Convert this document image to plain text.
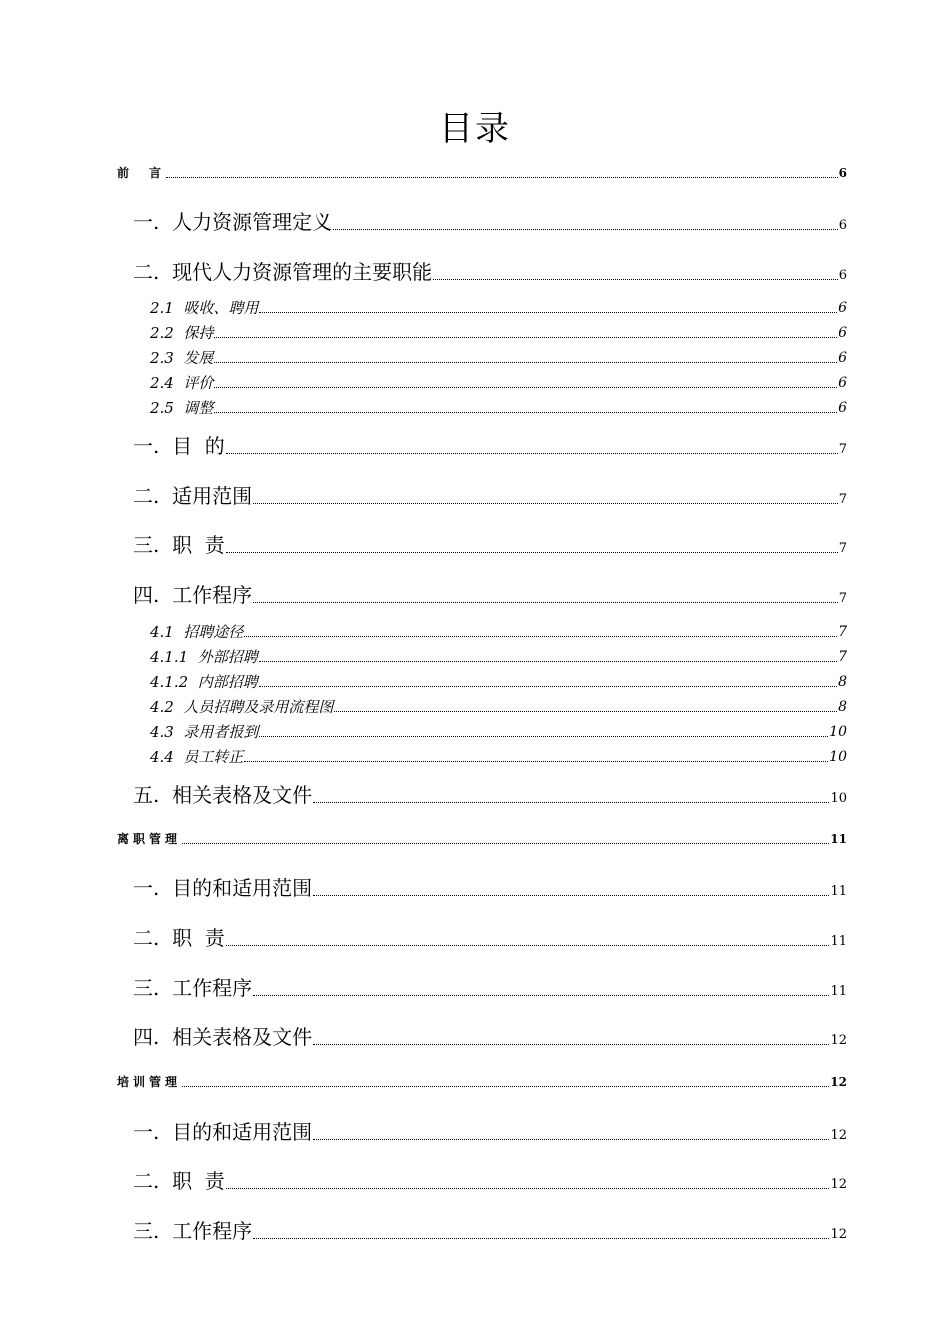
目录
前　言	6
一.  人力资源管理定义	6
二.  现代人力资源管理的主要职能	6
2.1  吸收、聘用	6
2.2  保持	6
2.3  发展	6
2.4  评价	6
2.5  调整	6
一.  目  的	7
二.  适用范围	7
三.  职  责	7
四.  工作程序	7
4.1  招聘途径	7
4.1.1  外部招聘	7
4.1.2  内部招聘	8
4.2  人员招聘及录用流程图	8
4.3  录用者报到	10
4.4  员工转正	10
五.  相关表格及文件	10
离职管理	11
一.  目的和适用范围	11
二.  职  责	11
三.  工作程序	11
四.  相关表格及文件	12
培训管理	12
一.  目的和适用范围	12
二.  职  责	12
三.  工作程序	12
